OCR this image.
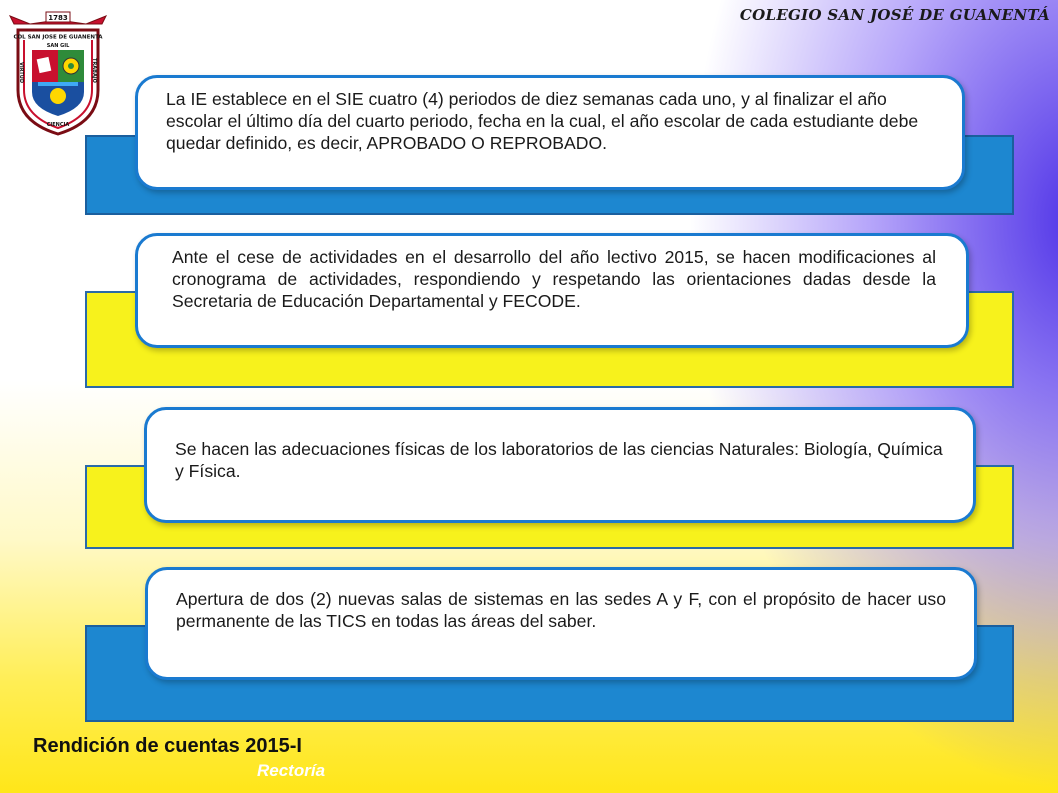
COLEGIO SAN JOSÉ DE GUANENTÁ
1783
COL SAN JOSE DE GUANENTA
SAN GIL
CIENCIA
VIRTUD	TRABAJO

La IE establece en el SIE cuatro (4) periodos de diez semanas cada uno, y al finalizar el año escolar el último día del cuarto periodo, fecha en la cual, el año escolar de cada estudiante debe quedar definido, es decir, APROBADO O REPROBADO.

Ante el cese de actividades en el desarrollo del año lectivo 2015, se hacen modificaciones al cronograma de actividades, respondiendo y respetando las orientaciones dadas desde la Secretaria de Educación Departamental y FECODE.

Se hacen las adecuaciones físicas de los laboratorios de las ciencias Naturales: Biología, Química y Física.

Apertura de dos (2) nuevas salas de sistemas en las sedes A y F, con el propósito de hacer uso permanente de las TICS en todas las áreas del saber.

Rendición de cuentas 2015-I
Rectoría
